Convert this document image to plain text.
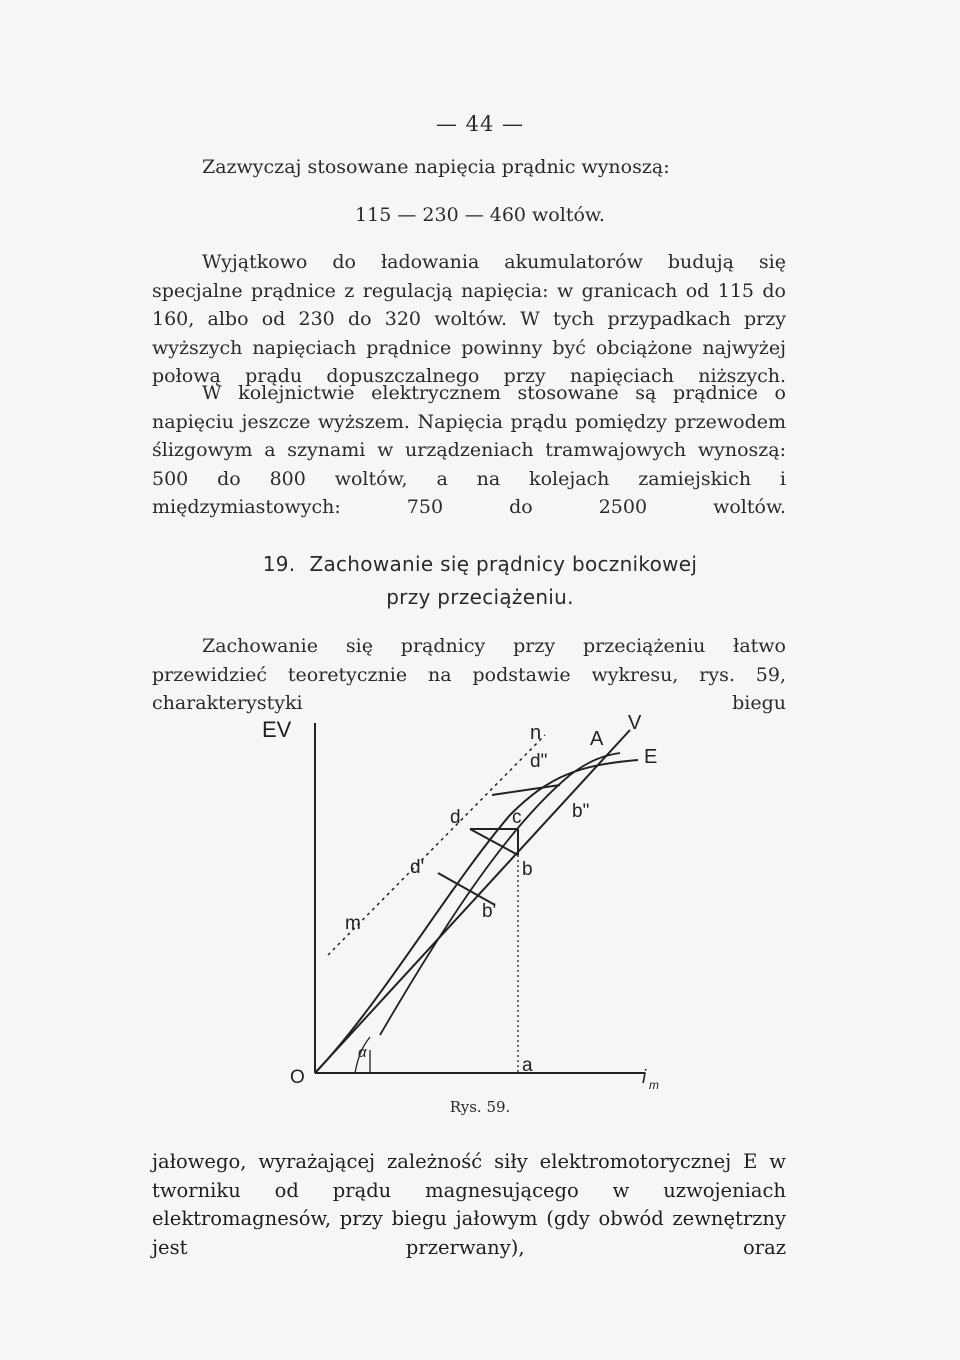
— 44 —
Zazwyczaj stosowane napięcia prądnic wynoszą:
115 — 230 — 460 woltów.
Wyjątkowo do ładowania akumulatorów budują się specjalne prądnice z regulacją napięcia: w granicach od 115 do 160, albo od 230 do 320 woltów. W tych przypadkach przy wyższych napięciach prądnice powinny być obciążone najwyżej połową prądu dopuszczalnego przy napięciach niższych.
W kolejnictwie elektrycznem stosowane są prądnice o napięciu jeszcze wyższem. Napięcia prądu pomiędzy przewodem ślizgowym a szynami w urządzeniach tramwajowych wynoszą: 500 do 800 woltów, a na kolejach zamiejskich i międzymiastowych: 750 do 2500 woltów.
19. Zachowanie się prądnicy bocznikowej
przy przeciążeniu.
Zachowanie się prądnicy przy przeciążeniu łatwo przewidzieć teoretycznie na podstawie wykresu, rys. 59, charakterystyki biegu
EV
O
a
i m
n A
V
E
d"
d	c	b"
d'	b
b'
m
α
Rys. 59.
jałowego, wyrażającej zależność siły elektromotorycznej E w tworniku od prądu magnesującego w uzwojeniach elektromagnesów, przy biegu jałowym (gdy obwód zewnętrzny jest przerwany), oraz
